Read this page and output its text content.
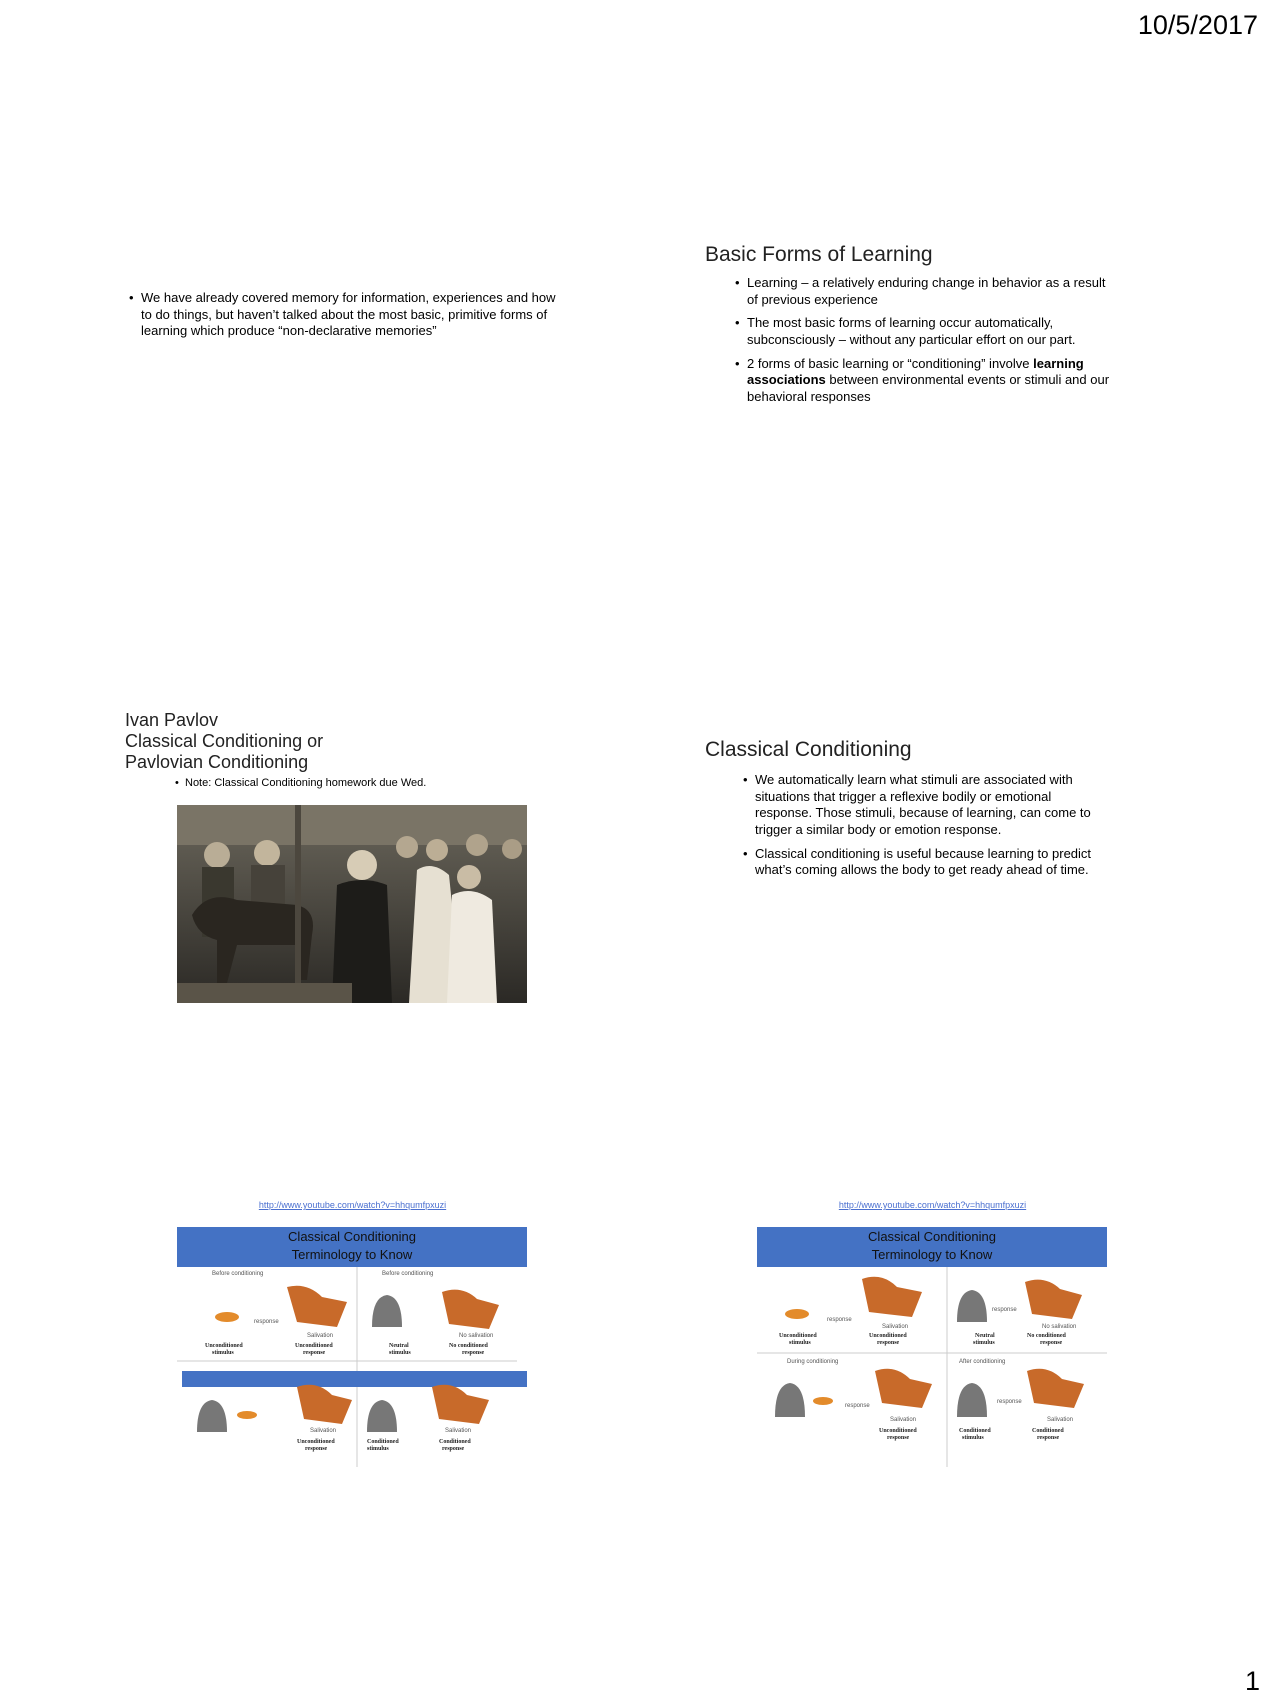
10/5/2017
• We have already covered memory for information, experiences and how to do things, but haven’t talked about the most basic, primitive forms of learning which produce “non-declarative memories”
Basic Forms of Learning
• Learning – a relatively enduring change in behavior as a result of previous experience
• The most basic forms of learning occur automatically, subconsciously – without any particular effort on our part.
• 2 forms of basic learning or “conditioning” involve learning associations between environmental events or stimuli and our behavioral responses
Ivan Pavlov
Classical Conditioning or
Pavlovian Conditioning
• Note: Classical Conditioning homework due Wed.
Classical Conditioning
• We automatically learn what stimuli are associated with situations that trigger a reflexive bodily or emotional response. Those stimuli, because of learning, can come to trigger a similar body or emotion response.
• Classical conditioning is useful because learning to predict what’s coming allows the body to get ready ahead of time.
http://www.youtube.com/watch?v=hhqumfpxuzi
Before conditioning	Before conditioning
response
Salivation
Unconditioned
stimulus
Unconditioned
response
No salivation
Neutral
stimulus
No conditioned
response
Salivation
Unconditioned
response
Salivation
Conditioned
stimulus
Conditioned
response
Classical Conditioning
Terminology to Know
http://www.youtube.com/watch?v=hhqumfpxuzi
response
Salivation
Unconditioned
stimulus
Unconditioned
response
response
No salivation
Neutral
stimulus
No conditioned
response
During conditioning	After conditioning
response
Salivation
Unconditioned
response
response
Salivation
Conditioned
stimulus
Conditioned
response
Classical Conditioning
Terminology to Know
1
